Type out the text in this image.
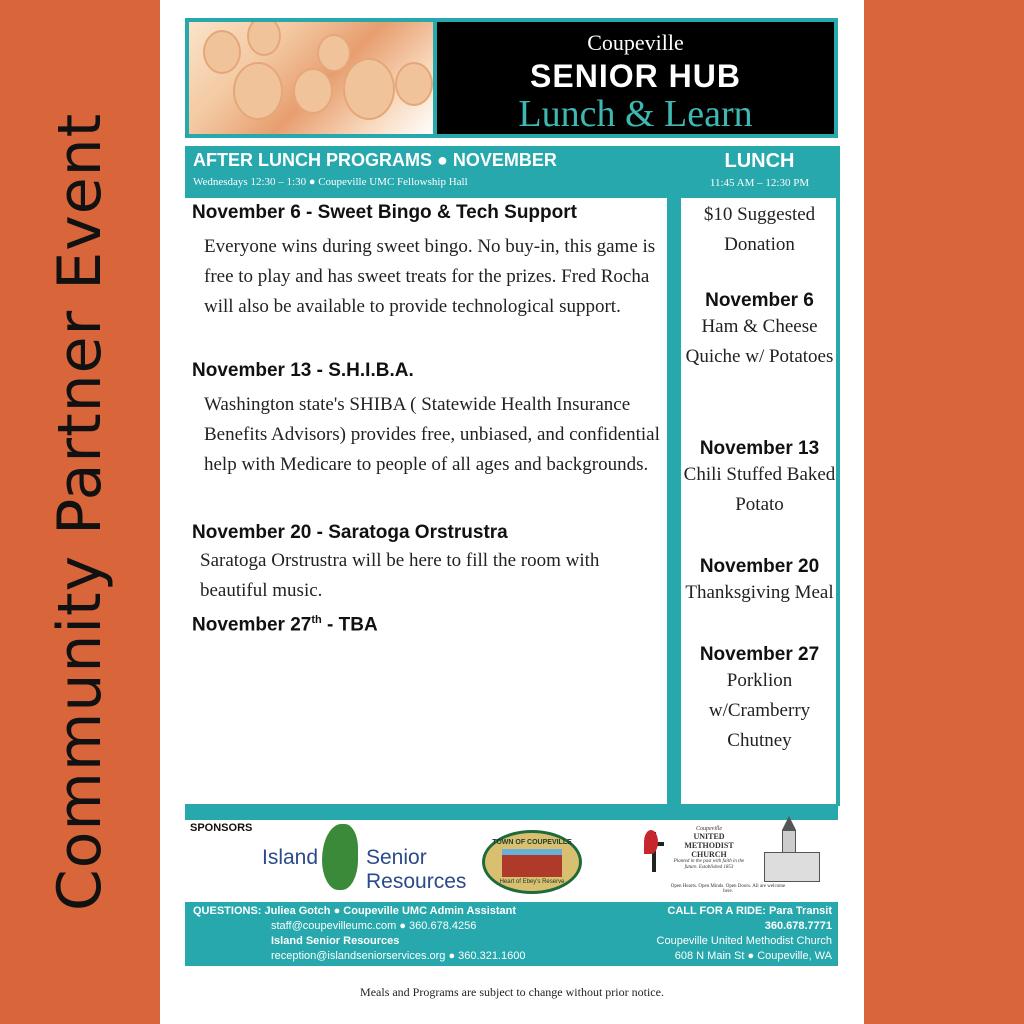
Community Partner Event
Coupeville
SENIOR HUB
Lunch & Learn
AFTER LUNCH PROGRAMS ● NOVEMBER
Wednesdays 12:30 – 1:30 ● Coupeville UMC Fellowship Hall
LUNCH
11:45 AM – 12:30 PM
November 6 - Sweet Bingo & Tech Support
Everyone wins during sweet bingo. No buy-in, this game is free to play and has sweet treats for the prizes. Fred Rocha will also be available to provide technological support.
November 13 - S.H.I.B.A.
Washington state's SHIBA ( Statewide Health Insurance Benefits Advisors) provides free, unbiased, and confidential help with Medicare to people of all ages and backgrounds.
November 20 - Saratoga Orstrustra
Saratoga Orstrustra will be here to fill the room with beautiful music.
November 27th - TBA
$10 Suggested Donation
November 6
Ham & Cheese Quiche w/ Potatoes
November 13
Chili Stuffed Baked Potato
November 20
Thanksgiving Meal
November 27
Porklion w/Cramberry Chutney
SPONSORS
Island Senior
Resources
TOWN OF COUPEVILLE
Heart of Ebey's Reserve
Coupeville
UNITED METHODIST CHURCH
Planted in the past with faith in the future. Established 1853
Open Hearts. Open Minds. Open Doors. All are welcome here.
QUESTIONS: Juliea Gotch ● Coupeville UMC Admin Assistant
staff@coupevilleumc.com ● 360.678.4256
Island Senior Resources
reception@islandseniorservices.org ● 360.321.1600
CALL FOR A RIDE: Para Transit
360.678.7771
Coupeville United Methodist Church
608 N Main St ● Coupeville, WA
Meals and Programs are subject to change without prior notice.
